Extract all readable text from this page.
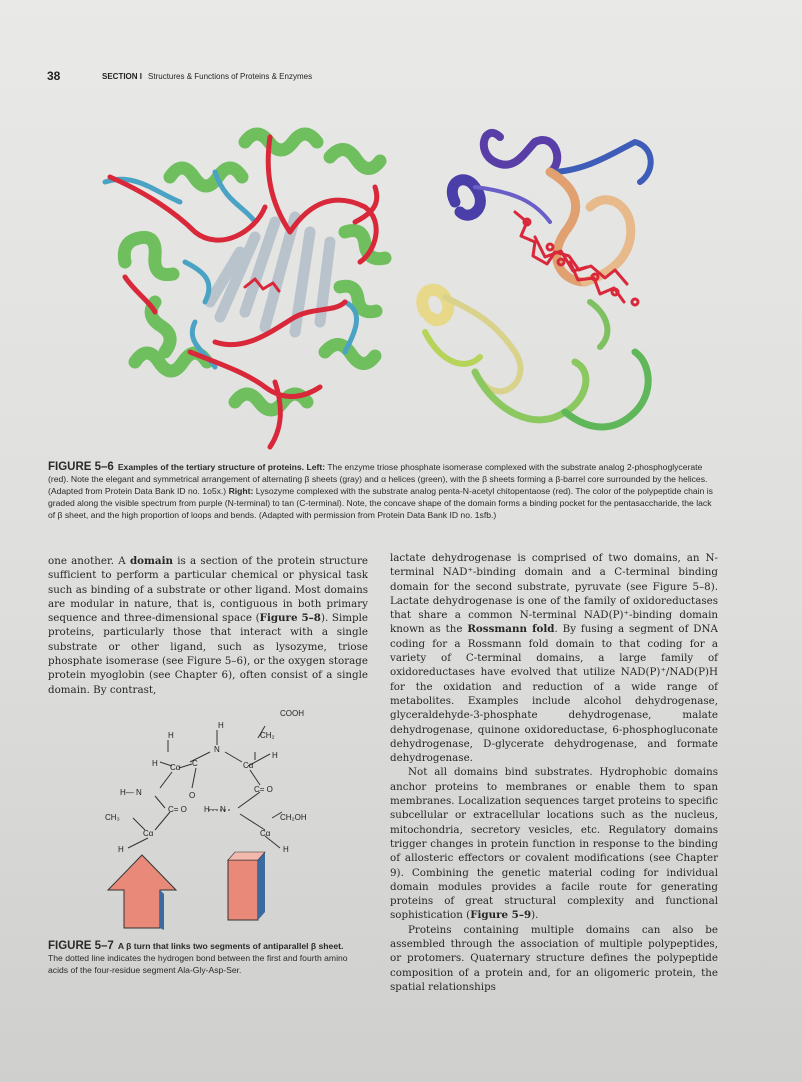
38	SECTION I Structures & Functions of Proteins & Enzymes
FIGURE 5–6 Examples of the tertiary structure of proteins. Left: The enzyme triose phosphate isomerase complexed with the substrate analog 2-phosphoglycerate (red). Note the elegant and symmetrical arrangement of alternating β sheets (gray) and α helices (green), with the β sheets forming a β-barrel core surrounded by the helices. (Adapted from Protein Data Bank ID no. 1o5x.) Right: Lysozyme complexed with the substrate analog penta-N-acetyl chitopentaose (red). The color of the polypeptide chain is graded along the visible spectrum from purple (N-terminal) to tan (C-terminal). Note, the concave shape of the domain forms a binding pocket for the pentasaccharide, the lack of β sheet, and the high proportion of loops and bends. (Adapted with permission from Protein Data Bank ID no. 1sfb.)

one another. A domain is a section of the protein structure sufficient to perform a particular chemical or physical task such as binding of a substrate or other ligand. Most domains are modular in nature, that is, contiguous in both primary sequence and three-dimensional space (Figure 5–8). Simple proteins, particularly those that interact with a single substrate or other ligand, such as lysozyme, triose phosphate isomerase (see Figure 5–6), or the oxygen storage protein myoglobin (see Chapter 6), often consist of a single domain. By contrast,

COOH
CH₂
H
N
H
H Cα C
O
Cα
H
C= O
H— N
C= O H— N
CH₃	CH₂OH
Cα	Cα
H	H
FIGURE 5–7 A β turn that links two segments of antiparallel β sheet. The dotted line indicates the hydrogen bond between the first and fourth amino acids of the four-residue segment Ala-Gly-Asp-Ser.

lactate dehydrogenase is comprised of two domains, an N-terminal NAD⁺-binding domain and a C-terminal binding domain for the second substrate, pyruvate (see Figure 5–8). Lactate dehydrogenase is one of the family of oxidoreductases that share a common N-terminal NAD(P)⁺-binding domain known as the Rossmann fold. By fusing a segment of DNA coding for a Rossmann fold domain to that coding for a variety of C-terminal domains, a large family of oxidoreductases have evolved that utilize NAD(P)⁺/NAD(P)H for the oxidation and reduction of a wide range of metabolites. Examples include alcohol dehydrogenase, glyceraldehyde-3-phosphate dehydrogenase, malate dehydrogenase, quinone oxidoreductase, 6-phosphogluconate dehydrogenase, D-glycerate dehydrogenase, and formate dehydrogenase.

Not all domains bind substrates. Hydrophobic domains anchor proteins to membranes or enable them to span membranes. Localization sequences target proteins to specific subcellular or extracellular locations such as the nucleus, mitochondria, secretory vesicles, etc. Regulatory domains trigger changes in protein function in response to the binding of allosteric effectors or covalent modifications (see Chapter 9). Combining the genetic material coding for individual domain modules provides a facile route for generating proteins of great structural complexity and functional sophistication (Figure 5–9).

Proteins containing multiple domains can also be assembled through the association of multiple polypeptides, or protomers. Quaternary structure defines the polypeptide composition of a protein and, for an oligomeric protein, the spatial relationships
